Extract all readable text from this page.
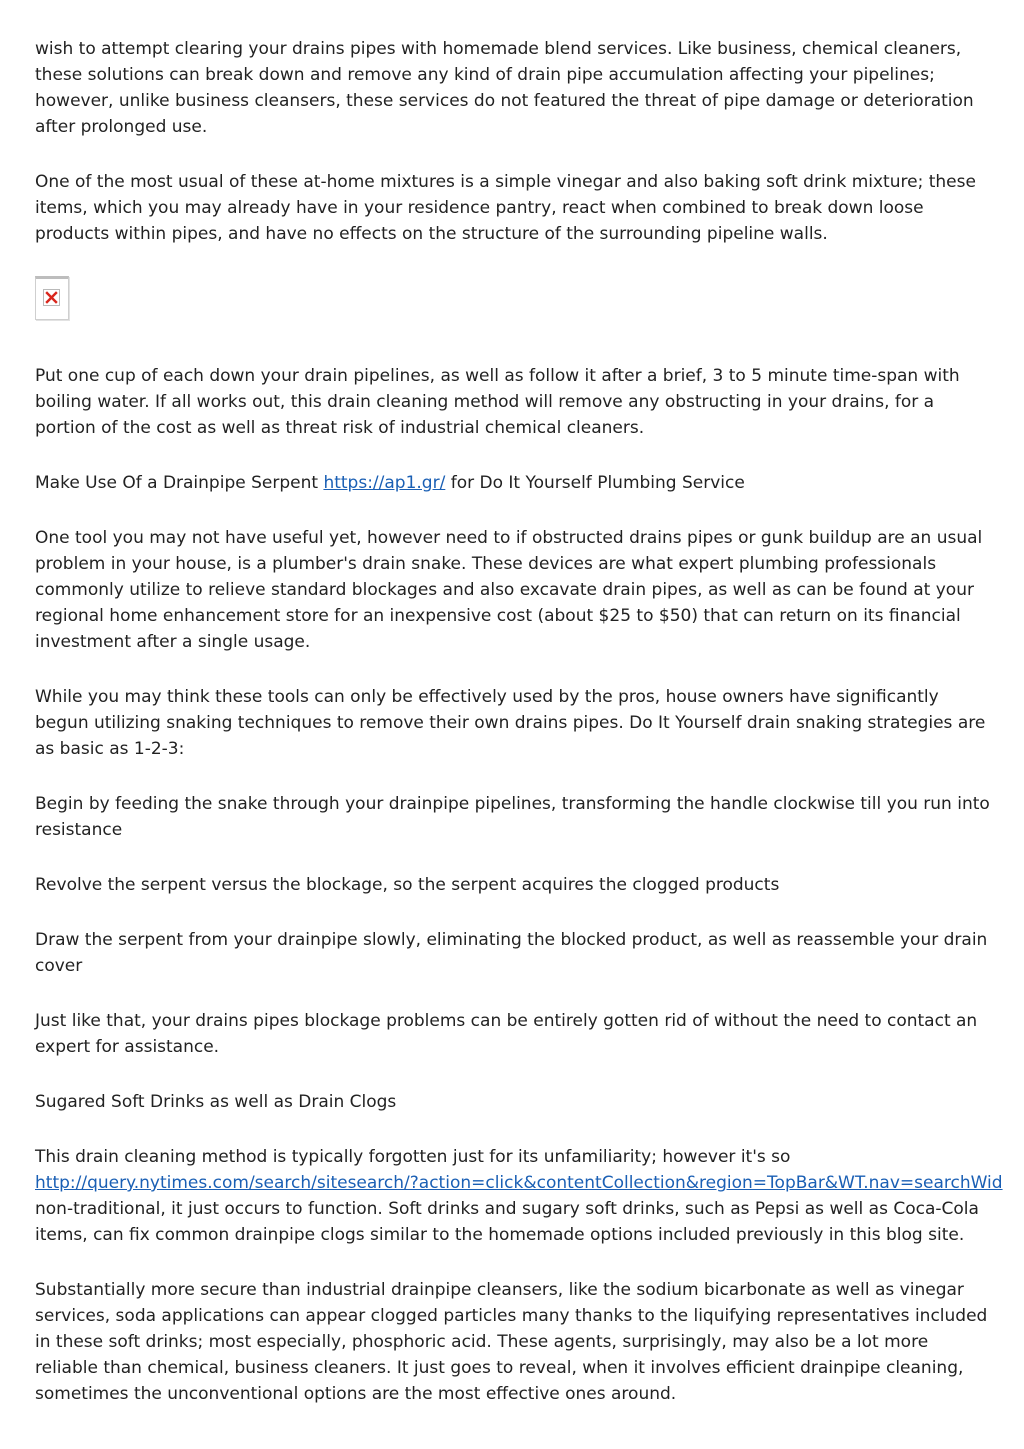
wish to attempt clearing your drains pipes with homemade blend services. Like business, chemical cleaners, these solutions can break down and remove any kind of drain pipe accumulation affecting your pipelines; however, unlike business cleansers, these services do not featured the threat of pipe damage or deterioration after prolonged use.

One of the most usual of these at-home mixtures is a simple vinegar and also baking soft drink mixture; these items, which you may already have in your residence pantry, react when combined to break down loose products within pipes, and have no effects on the structure of the surrounding pipeline walls.

Put one cup of each down your drain pipelines, as well as follow it after a brief, 3 to 5 minute time-span with boiling water. If all works out, this drain cleaning method will remove any obstructing in your drains, for a portion of the cost as well as threat risk of industrial chemical cleaners.

Make Use Of a Drainpipe Serpent https://ap1.gr/ for Do It Yourself Plumbing Service

One tool you may not have useful yet, however need to if obstructed drains pipes or gunk buildup are an usual problem in your house, is a plumber's drain snake. These devices are what expert plumbing professionals commonly utilize to relieve standard blockages and also excavate drain pipes, as well as can be found at your regional home enhancement store for an inexpensive cost (about $25 to $50) that can return on its financial investment after a single usage.

While you may think these tools can only be effectively used by the pros, house owners have significantly begun utilizing snaking techniques to remove their own drains pipes. Do It Yourself drain snaking strategies are as basic as 1-2-3:

Begin by feeding the snake through your drainpipe pipelines, transforming the handle clockwise till you run into resistance

Revolve the serpent versus the blockage, so the serpent acquires the clogged products

Draw the serpent from your drainpipe slowly, eliminating the blocked product, as well as reassemble your drain cover

Just like that, your drains pipes blockage problems can be entirely gotten rid of without the need to contact an expert for assistance.

Sugared Soft Drinks as well as Drain Clogs

This drain cleaning method is typically forgotten just for its unfamiliarity; however it's so
http://query.nytimes.com/search/sitesearch/?action=click&contentCollection&region=TopBar&WT.nav=searchWid
non-traditional, it just occurs to function. Soft drinks and sugary soft drinks, such as Pepsi as well as Coca-Cola items, can fix common drainpipe clogs similar to the homemade options included previously in this blog site.

Substantially more secure than industrial drainpipe cleansers, like the sodium bicarbonate as well as vinegar services, soda applications can appear clogged particles many thanks to the liquifying representatives included in these soft drinks; most especially, phosphoric acid. These agents, surprisingly, may also be a lot more reliable than chemical, business cleaners. It just goes to reveal, when it involves efficient drainpipe cleaning, sometimes the unconventional options are the most effective ones around.
